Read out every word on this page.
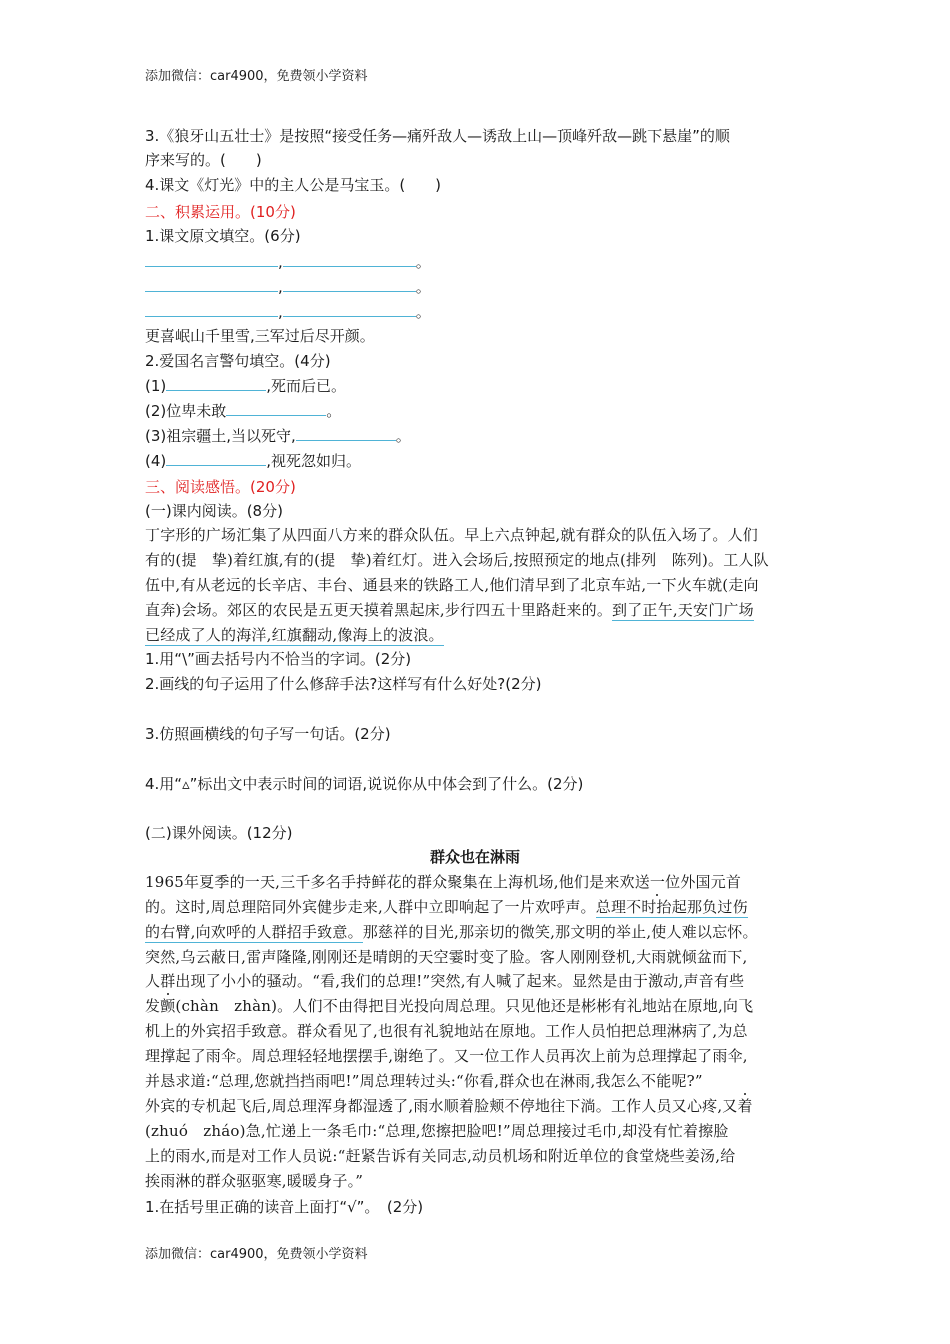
添加微信：car4900，免费领小学资料
3.《狼牙山五壮士》是按照“接受任务—痛歼敌人—诱敌上山—顶峰歼敌—跳下悬崖”的顺
序来写的。(　　)
4.课文《灯光》中的主人公是马宝玉。(　　)
二、积累运用。(10分)
1.课文原文填空。(6分)
,	。
,	。
,	。
更喜岷山千里雪,三军过后尽开颜。
2.爱国名言警句填空。(4分)
(1)	,死而后已。
(2)位卑未敢	。
(3)祖宗疆土,当以死守,	。
(4)	,视死忽如归。
三、阅读感悟。(20分)
(一)课内阅读。(8分)
丁字形的广场汇集了从四面八方来的群众队伍。早上六点钟起,就有群众的队伍入场了。人们
有的(提　挚)着红旗,有的(提　挚)着红灯。进入会场后,按照预定的地点(排列　陈列)。工人队
伍中,有从老远的长辛店、丰台、通县来的铁路工人,他们清早到了北京车站,一下火车就(走向
直奔)会场。郊区的农民是五更天摸着黑起床,步行四五十里路赶来的。到了正午,天安门广场
已经成了人的海洋,红旗翻动,像海上的波浪。
1.用“\”画去括号内不恰当的字词。(2分)
2.画线的句子运用了什么修辞手法?这样写有什么好处?(2分)
3.仿照画横线的句子写一句话。(2分)
4.用“▵”标出文中表示时间的词语,说说你从中体会到了什么。(2分)
(二)课外阅读。(12分)
群众也在淋雨
1965年夏季的一天,三千多名手持鲜花的群众聚集在上海机场,他们是来欢送一位外国元首
的。这时,周总理陪同外宾健步走来,人群中立即响起了一片欢呼声。总理不时抬起那负过伤
的右臂,向欢呼的人群招手致意。那慈祥的目光,那亲切的微笑,那文明的举止,使人难以忘怀。
突然,乌云蔽日,雷声隆隆,刚刚还是晴朗的天空霎时变了脸。客人刚刚登机,大雨就倾盆而下,
人群出现了小小的骚动。“看,我们的总理!”突然,有人喊了起来。显然是由于激动,声音有些
发颤(chàn　zhàn)。人们不由得把目光投向周总理。只见他还是彬彬有礼地站在原地,向飞
机上的外宾招手致意。群众看见了,也很有礼貌地站在原地。工作人员怕把总理淋病了,为总
理撑起了雨伞。周总理轻轻地摆摆手,谢绝了。又一位工作人员再次上前为总理撑起了雨伞,
并恳求道:“总理,您就挡挡雨吧!”周总理转过头:“你看,群众也在淋雨,我怎么不能呢?”
外宾的专机起飞后,周总理浑身都湿透了,雨水顺着脸颊不停地往下淌。工作人员又心疼,又着
(zhuó　zháo)急,忙递上一条毛巾:“总理,您擦把脸吧!”周总理接过毛巾,却没有忙着擦脸
上的雨水,而是对工作人员说:“赶紧告诉有关同志,动员机场和附近单位的食堂烧些姜汤,给
挨雨淋的群众驱驱寒,暖暖身子。”
1.在括号里正确的读音上面打“√”。　(2分)
添加微信：car4900，免费领小学资料
